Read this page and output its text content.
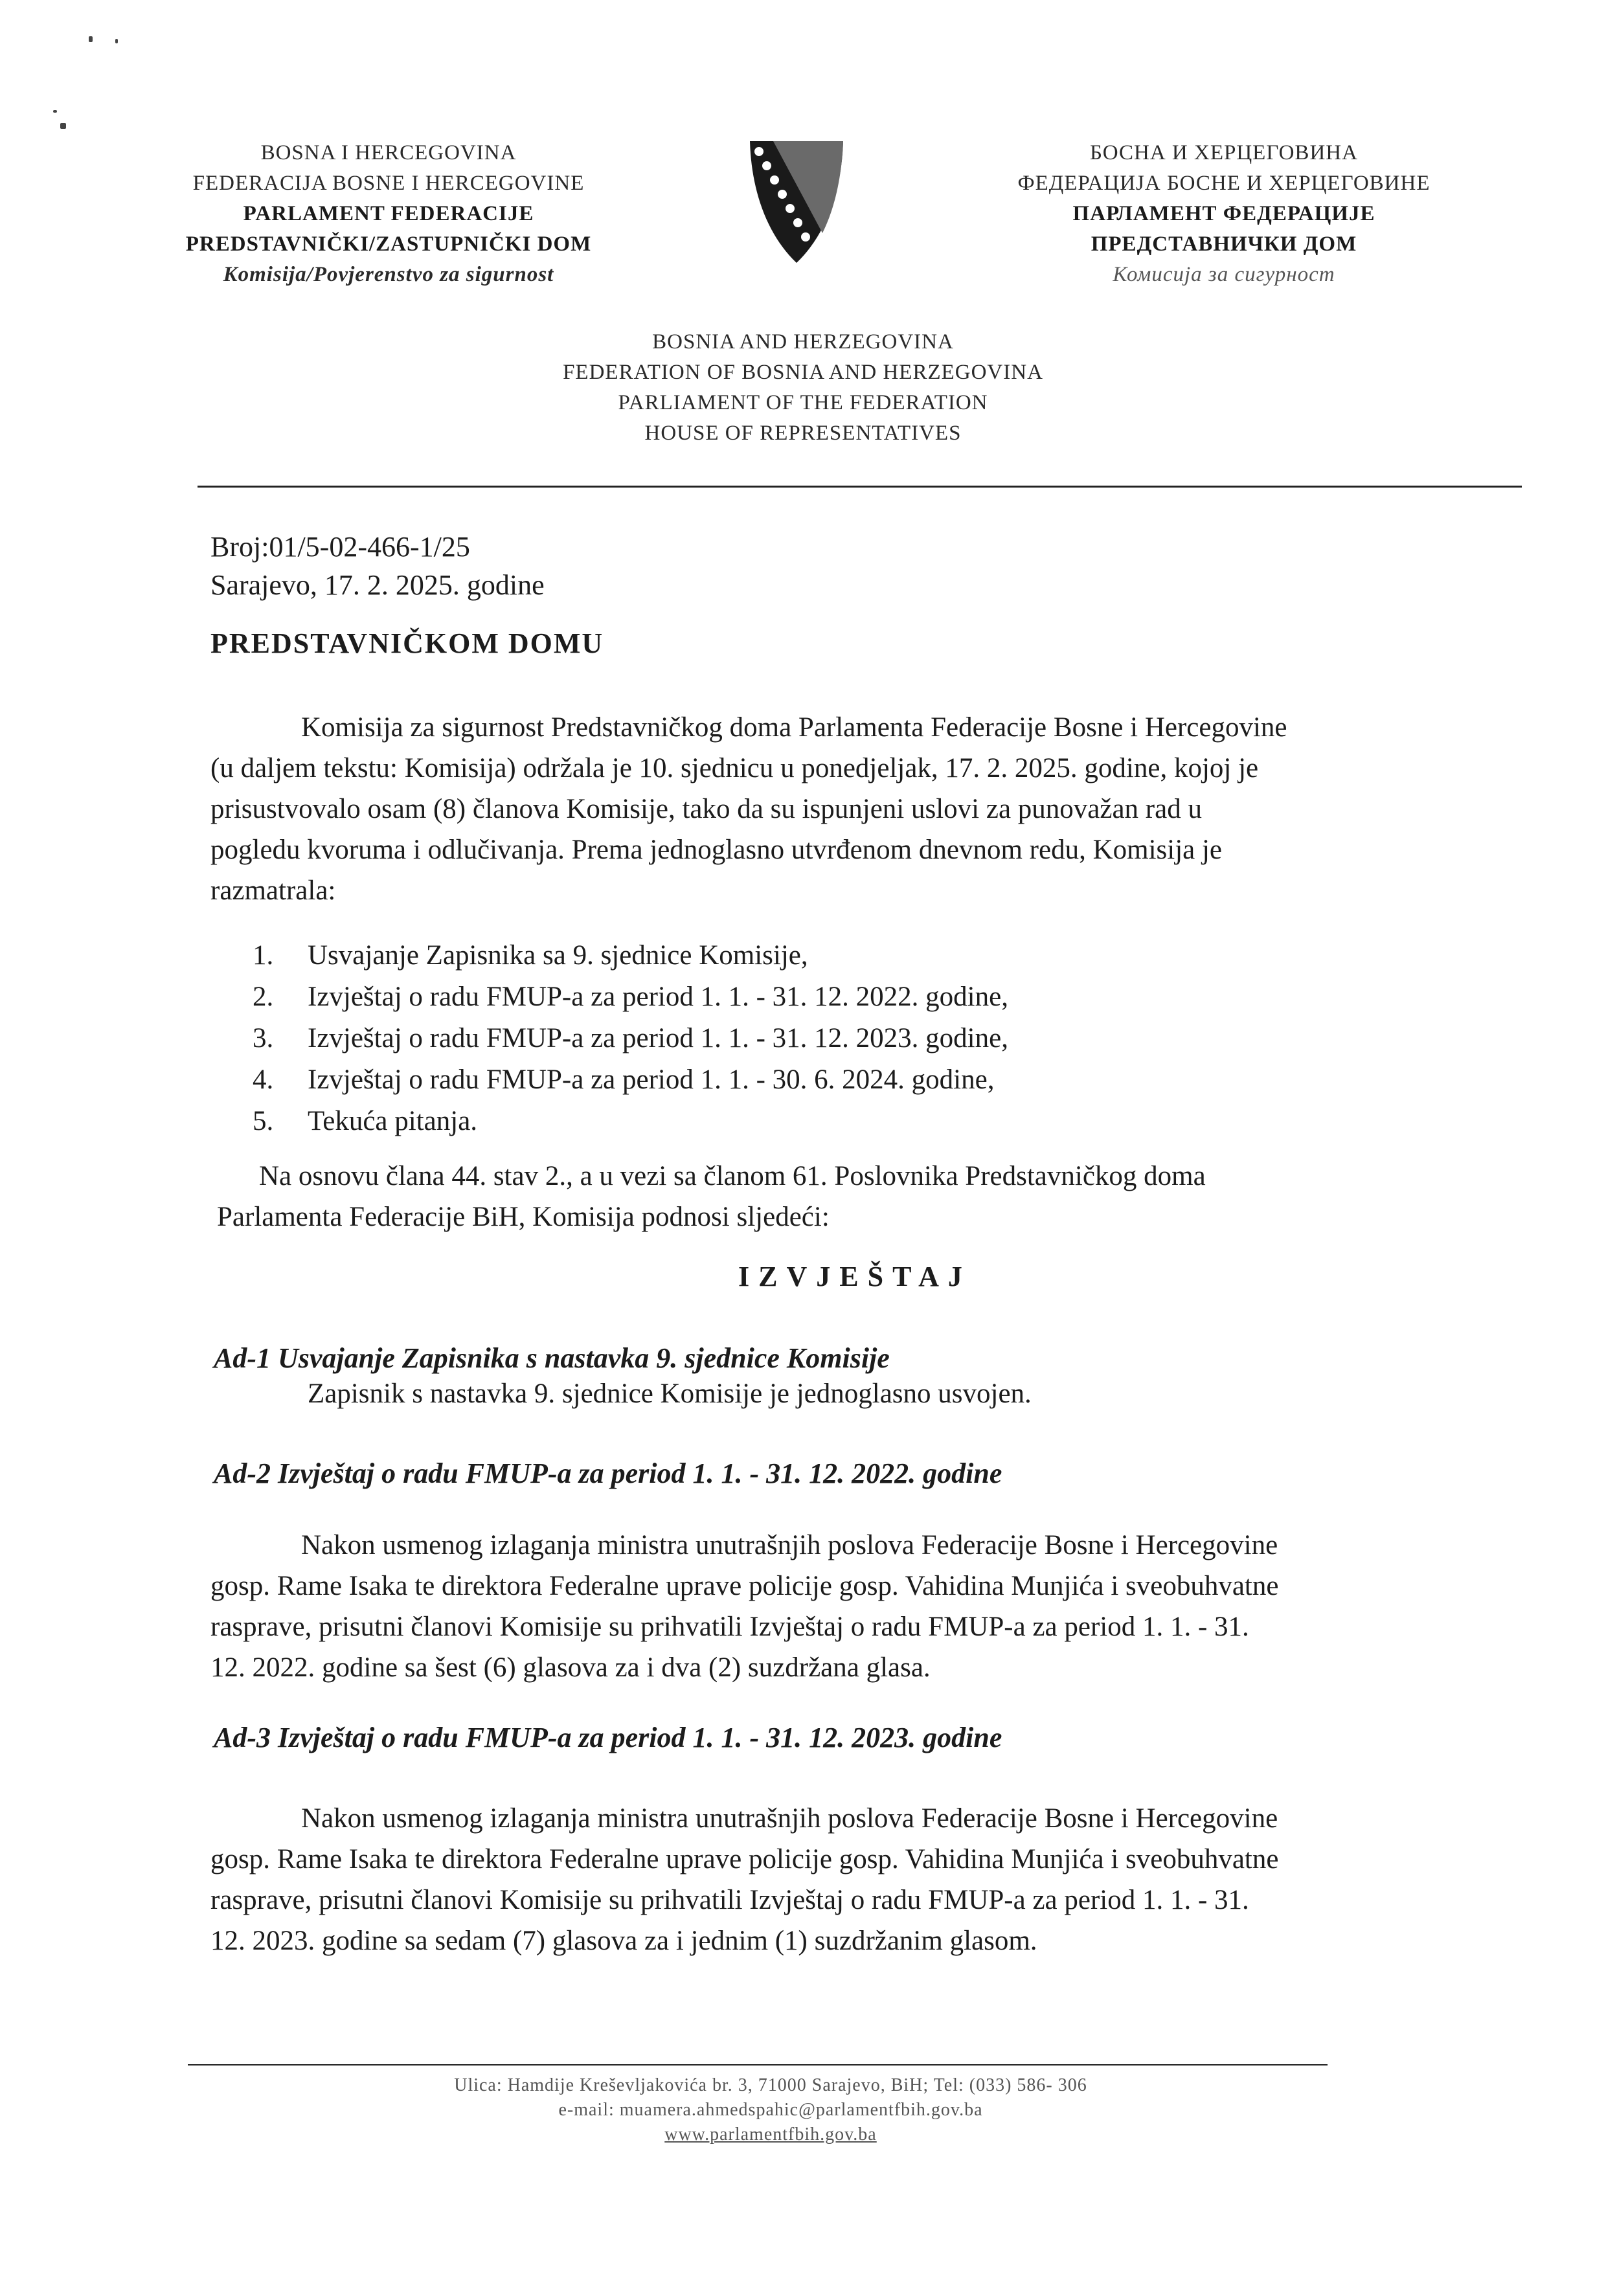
BOSNA I HERCEGOVINA
FEDERACIJA BOSNE I HERCEGOVINE
PARLAMENT FEDERACIJE
PREDSTAVNIČKI/ZASTUPNIČKI DOM
Komisija/Povjerenstvo za sigurnost
БОСНА И ХЕРЦЕГОВИНА
ФЕДЕРАЦИЈА БОСНЕ И ХЕРЦЕГОВИНЕ
ПАРЛАМЕНТ ФЕДЕРАЦИЈЕ
ПРЕДСТАВНИЧКИ ДОМ
Комисија за сигурност
BOSNIA AND HERZEGOVINA
FEDERATION OF BOSNIA AND HERZEGOVINA
PARLIAMENT OF THE FEDERATION
HOUSE OF REPRESENTATIVES
Broj:01/5-02-466-1/25
Sarajevo, 17. 2. 2025. godine
PREDSTAVNIČKOM DOMU
Komisija za sigurnost Predstavničkog doma Parlamenta Federacije Bosne i Hercegovine
(u daljem tekstu: Komisija) održala je 10. sjednicu u ponedjeljak, 17. 2. 2025. godine, kojoj je
prisustvovalo osam (8) članova Komisije, tako da su ispunjeni uslovi za punovažan rad u
pogledu kvoruma i odlučivanja. Prema jednoglasno utvrđenom dnevnom redu, Komisija je
razmatrala:
1. Usvajanje Zapisnika sa 9. sjednice Komisije,
2. Izvještaj o radu FMUP-a za period 1. 1. - 31. 12. 2022. godine,
3. Izvještaj o radu FMUP-a za period 1. 1. - 31. 12. 2023. godine,
4. Izvještaj o radu FMUP-a za period 1. 1. - 30. 6. 2024. godine,
5. Tekuća pitanja.
Na osnovu člana 44. stav 2., a u vezi sa članom 61. Poslovnika Predstavničkog doma
Parlamenta Federacije BiH, Komisija podnosi sljedeći:
IZVJEŠTAJ
Ad-1 Usvajanje Zapisnika s nastavka 9. sjednice Komisije
Zapisnik s nastavka 9. sjednice Komisije je jednoglasno usvojen.
Ad-2 Izvještaj o radu FMUP-a za period 1. 1. - 31. 12. 2022. godine
Nakon usmenog izlaganja ministra unutrašnjih poslova Federacije Bosne i Hercegovine
gosp. Rame Isaka te direktora Federalne uprave policije gosp. Vahidina Munjića i sveobuhvatne
rasprave, prisutni članovi Komisije su prihvatili Izvještaj o radu FMUP-a za period 1. 1. - 31.
12. 2022. godine sa šest (6) glasova za i dva (2) suzdržana glasa.
Ad-3 Izvještaj o radu FMUP-a za period 1. 1. - 31. 12. 2023. godine
Nakon usmenog izlaganja ministra unutrašnjih poslova Federacije Bosne i Hercegovine
gosp. Rame Isaka te direktora Federalne uprave policije gosp. Vahidina Munjića i sveobuhvatne
rasprave, prisutni članovi Komisije su prihvatili Izvještaj o radu FMUP-a za period 1. 1. - 31.
12. 2023. godine sa sedam (7) glasova za i jednim (1) suzdržanim glasom.
Ulica: Hamdije Kreševljakovića br. 3, 71000 Sarajevo, BiH; Tel: (033) 586- 306
e-mail: muamera.ahmedspahic@parlamentfbih.gov.ba
www.parlamentfbih.gov.ba
